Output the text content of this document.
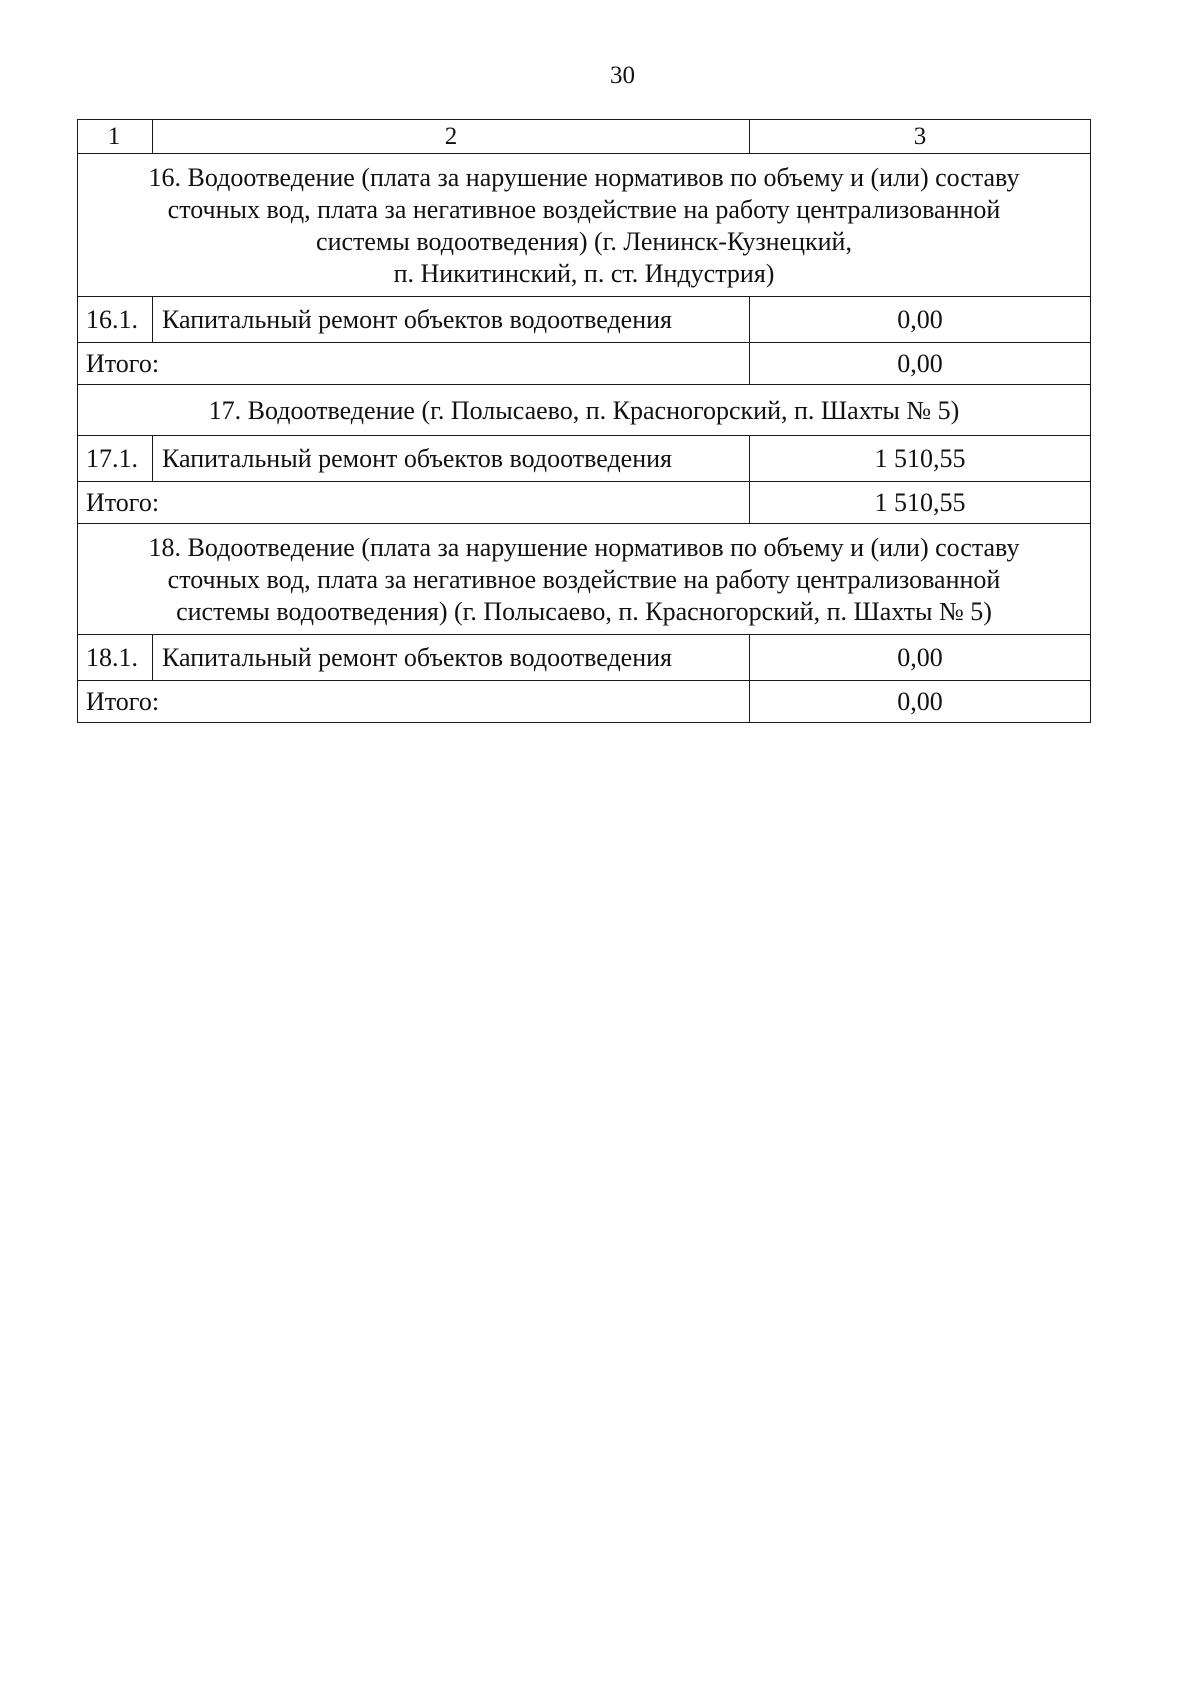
30
1	2	3

16. Водоотведение (плата за нарушение нормативов по объему и (или) составу
сточных вод, плата за негативное воздействие на работу централизованной
системы водоотведения) (г. Ленинск-Кузнецкий,
п. Никитинский, п. ст. Индустрия)		

16.1.	Капитальный ремонт объектов водоотведения	0,00
Итого:		0,00

17. Водоотведение (г. Полысаево, п. Красногорский, п. Шахты № 5)		

17.1.	Капитальный ремонт объектов водоотведения	1 510,55
Итого:		1 510,55

18. Водоотведение (плата за нарушение нормативов по объему и (или) составу
сточных вод, плата за негативное воздействие на работу централизованной
системы водоотведения) (г. Полысаево, п. Красногорский, п. Шахты № 5)		

18.1.	Капитальный ремонт объектов водоотведения	0,00
Итого:		0,00
